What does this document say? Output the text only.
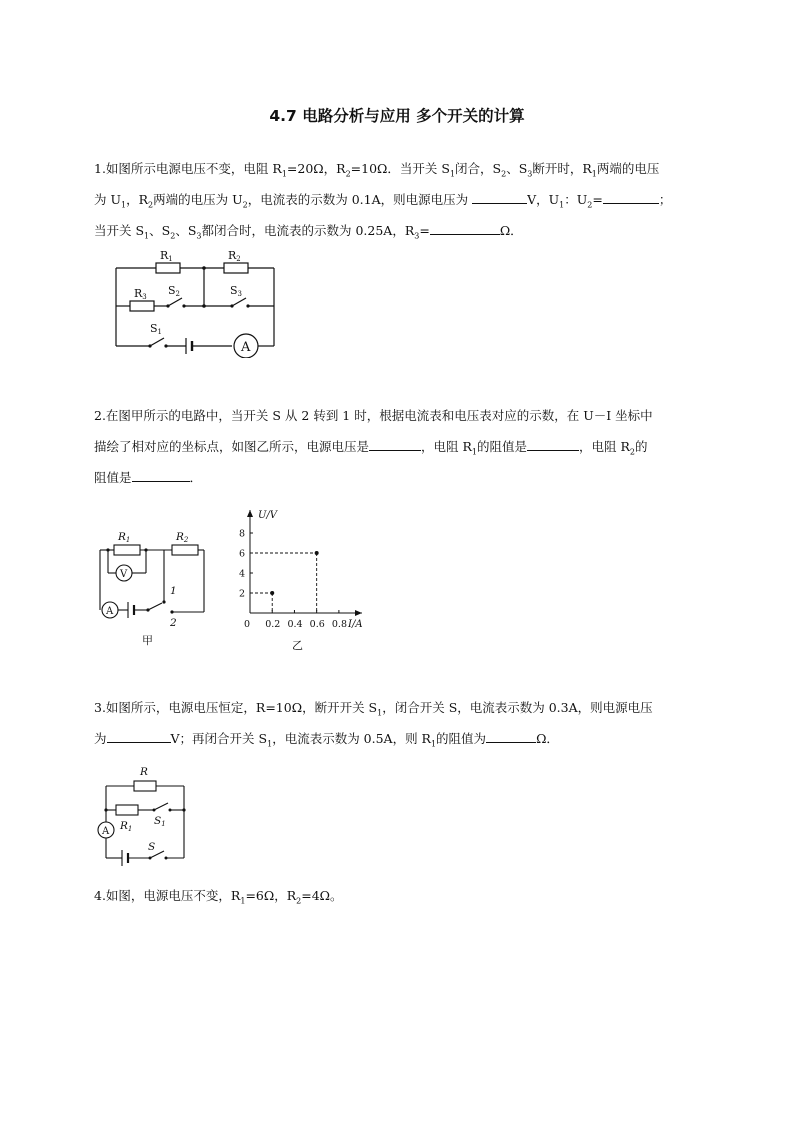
4.7 电路分析与应用 多个开关的计算
1.如图所示电源电压不变，电阻 $R_1=20\Omega$，$R_2=10\Omega$．当开关 $S_1$闭合，$S_2$、$S_3$断开时，$R_1$两端的电压
为 $U_1$，$R_2$两端的电压为 $U_2$，电流表的示数为 0.1A，则电源电压为	V，$U_1$：$U_2=$	；
当开关 $S_1$、$S_2$、$S_3$都闭合时，电流表的示数为 0.25A，$R_3=$	Ω．
R1	R2
R3 S2	S3
S1
A
2.在图甲所示的电路中，当开关 S 从 2 转到 1 时，根据电流表和电压表对应的示数，在 U－I 坐标中
描绘了相对应的坐标点，如图乙所示，电源电压是	，电阻 $R_1$的阻值是	，电阻 $R_2$的
阻值是	．
R1	R2
1
2
V
A
甲
0 0.2 0.4 0.6 0.8
2
4
6
8
U/V
I/A
乙
3.如图所示，电源电压恒定，R=10Ω，断开开关 $S_1$，闭合开关 S，电流表示数为 0.3A，则电源电压
为	V；再闭合开关 $S_1$，电流表示数为 0.5A，则 $R_1$的阻值为	Ω．
R
R1
S1
S
A
4.如图，电源电压不变，$R_1=6\Omega$，$R_2=4\Omega$。
